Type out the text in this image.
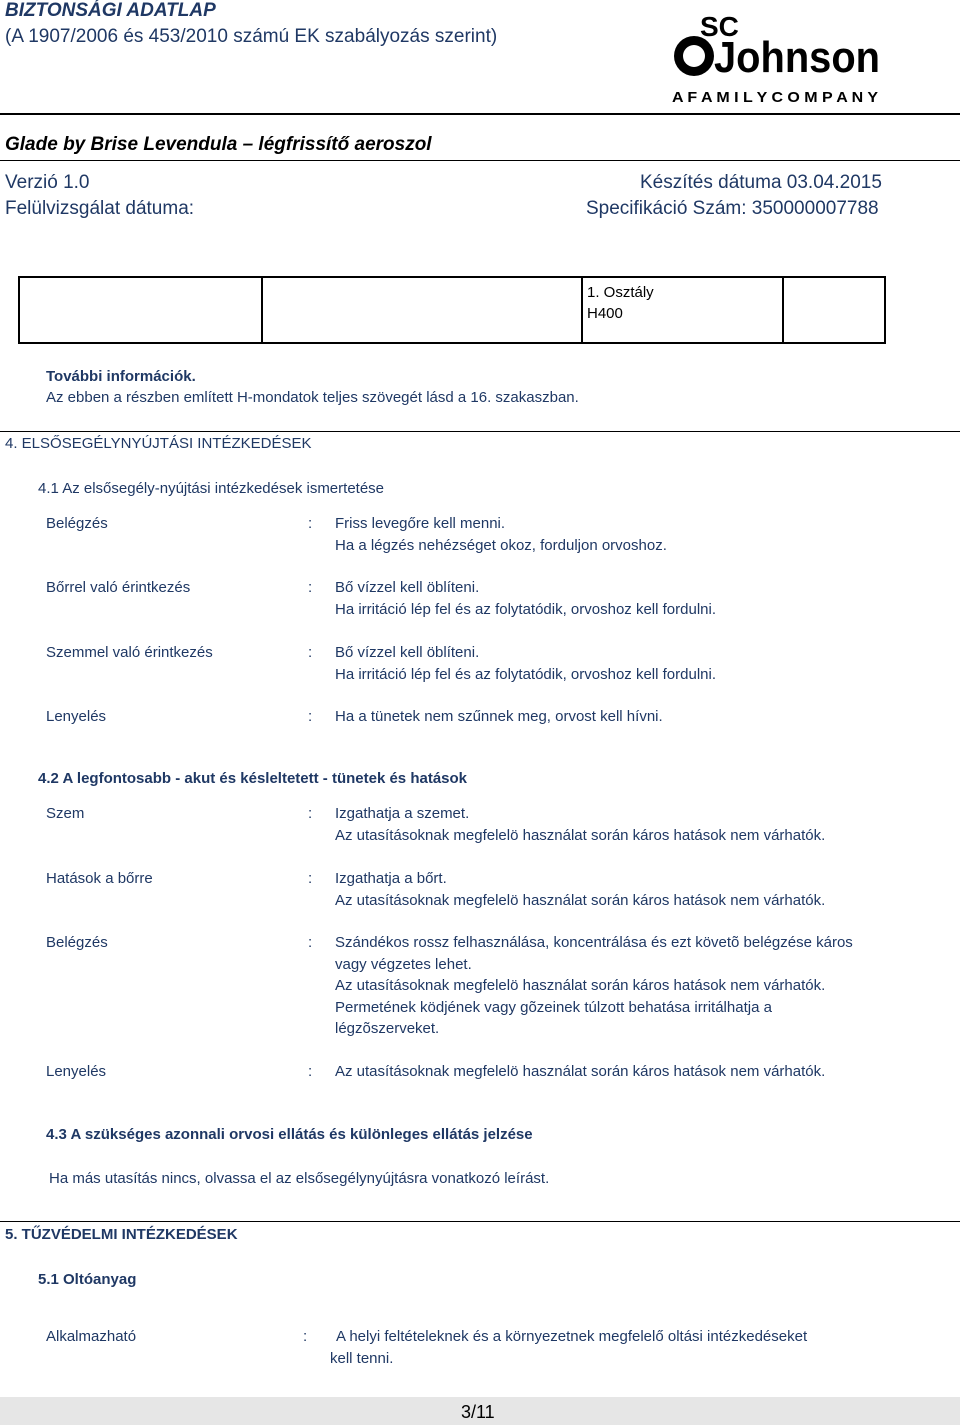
BIZTONSÁGI ADATLAP
(A 1907/2006 és 453/2010 számú EK szabályozás szerint)	SC
Johnson
A F A M I L Y C O M P A N Y
Glade by Brise Levendula – légfrissítő aeroszol
Verzió 1.0
Felülvizsgálat dátuma:
Készítés dátuma 03.04.2015
Specifikáció Szám: 350000007788

1. Osztály
H400

További információk.
Az ebben a részben említett H-mondatok teljes szövegét lásd a 16. szakaszban.
4. ELSŐSEGÉLYNYÚJTÁSI INTÉZKEDÉSEK
4.1 Az elsősegély-nyújtási intézkedések ismertetése
Belégzés	: Friss levegőre kell menni.
Ha a légzés nehézséget okoz, forduljon orvoshoz.
Bőrrel való érintkezés	: Bő vízzel kell öblíteni.
Ha irritáció lép fel és az folytatódik, orvoshoz kell fordulni.
Szemmel való érintkezés	: Bő vízzel kell öblíteni.
Ha irritáció lép fel és az folytatódik, orvoshoz kell fordulni.
Lenyelés	: Ha a tünetek nem szűnnek meg, orvost kell hívni.
4.2 A legfontosabb - akut és késleltetett - tünetek és hatások
Szem	: Izgathatja a szemet.
Az utasításoknak megfelelö használat során káros hatások nem várhatók.
Hatások a bőrre	: Izgathatja a bőrt.
Az utasításoknak megfelelö használat során káros hatások nem várhatók.
Belégzés	: Szándékos rossz felhasználása, koncentrálása és ezt követõ belégzése káros
vagy végzetes lehet.
Az utasításoknak megfelelö használat során káros hatások nem várhatók.
Permetének ködjének vagy gõzeinek túlzott behatása irritálhatja a
légzõszerveket.
Lenyelés	: Az utasításoknak megfelelö használat során káros hatások nem várhatók.
4.3 A szükséges azonnali orvosi ellátás és különleges ellátás jelzése
Ha más utasítás nincs, olvassa el az elsősegélynyújtásra vonatkozó leírást.
5. TŰZVÉDELMI INTÉZKEDÉSEK
5.1 Oltóanyag
Alkalmazható	: A helyi feltételeknek és a környezetnek megfelelő oltási intézkedéseket
kell tenni.
3/11
